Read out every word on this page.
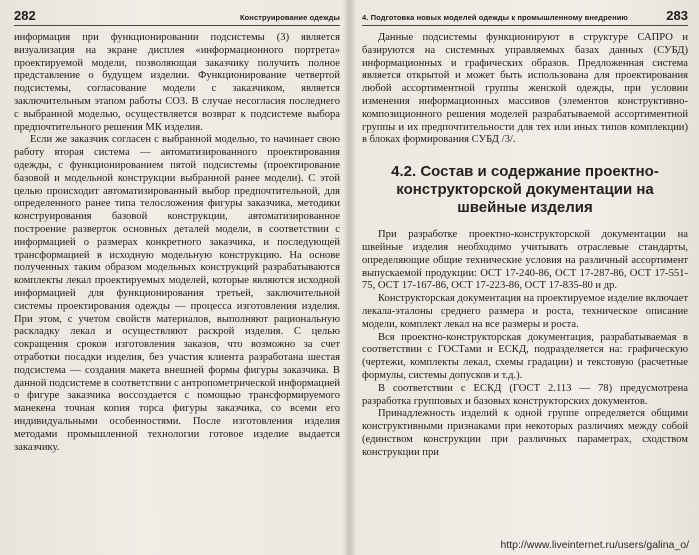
282	Конструирование одежды

информация при функционировании подсистемы (3) является визуализация на экране дисплея «информационного портрета» проектируемой модели, позволяющая заказчику получить полное представление о будущем изделии. Функционирование четвертой подсистемы, согласование модели с заказчиком, является заключительным этапом работы СОЗ. В случае несогласия последнего с выбранной моделью, осуществляется возврат к подсистеме выбора предпочтительного решения МК изделия.

Если же заказчик согласен с выбранной моделью, то начинает свою работу вторая система — автоматизированного проектирования одежды, с функционированием пятой подсистемы (проектирование базовой и модельной конструкции выбранной ранее модели). С этой целью происходит автоматизированный выбор предпочтительной, для определенного ранее типа телосложения фигуры заказчика, методики конструирования базовой конструкции, автоматизированное построение разверток основных деталей модели, в соответствии с информацией о размерах конкретного заказчика, и последующей трансформацией в исходную модельную конструкцию. На основе полученных таким образом модельных конструкций разрабатываются комплекты лекал проектируемых моделей, которые являются исходной информацией для функционирования третьей, заключительной системы проектирования одежды — процесса изготовления изделия. При этом, с учетом свойств материалов, выполняют рациональную раскладку лекал и осуществляют раскрой изделия. С целью сокращения сроков изготовления заказов, что возможно за счет отработки посадки изделия, без участия клиента разработана шестая подсистема — создания макета внешней формы фигуры заказчика. В данной подсистеме в соответствии с антропометрической информацией о фигуре заказчика воссоздается с помощью трансформируемого манекена точная копия торса фигуры заказчика, со всеми его индивидуальными особенностями. После изготовления изделия методами промышленной технологии готовое изделие выдается заказчику.

4. Подготовка новых моделей одежды к промышленному внедрению	283

Данные подсистемы функционируют в структуре САПРО и базируются на системных управляемых базах данных (СУБД) информационных и графических образов. Предложенная система является открытой и может быть использована для проектирования любой ассортиментной группы женской одежды, при условии изменения информационных массивов (элементов конструктивно-композиционного решения моделей разрабатываемой ассортиментной группы и их предпочтительности для тех или иных типов комплекции) в блоках формирования СУБД /3/.

4.2. Состав и содержание проектно-конструкторской документации на швейные изделия

При разработке проектно-конструкторской документации на швейные изделия необходимо учитывать отраслевые стандарты, определяющие общие технические условия на различный ассортимент выпускаемой продукции: ОСТ 17-240-86, ОСТ 17-287-86, ОСТ 17-551-75, ОСТ 17-167-86, ОСТ 17-223-86, ОСТ 17-835-80 и др.

Конструкторская документация на проектируемое изделие включает лекала-эталоны среднего размера и роста, техническое описание модели, комплект лекал на все размеры и роста.

Вся проектно-конструкторская документация, разрабатываемая в соответствии с ГОСТами и ЕСКД, подразделяется на: графическую (чертежи, комплекты лекал, схемы градации) и текстовую (расчетные формулы, системы допусков и т.д.).

В соответствии с ЕСКД (ГОСТ 2.113 — 78) предусмотрена разработка групповых и базовых конструкторских документов.

Принадлежность изделий к одной группе определяется общими конструктивными признаками при некоторых различиях между собой (единством конструкции при различных параметрах, сходством конструкции при

http://www.liveinternet.ru/users/galina_o/
